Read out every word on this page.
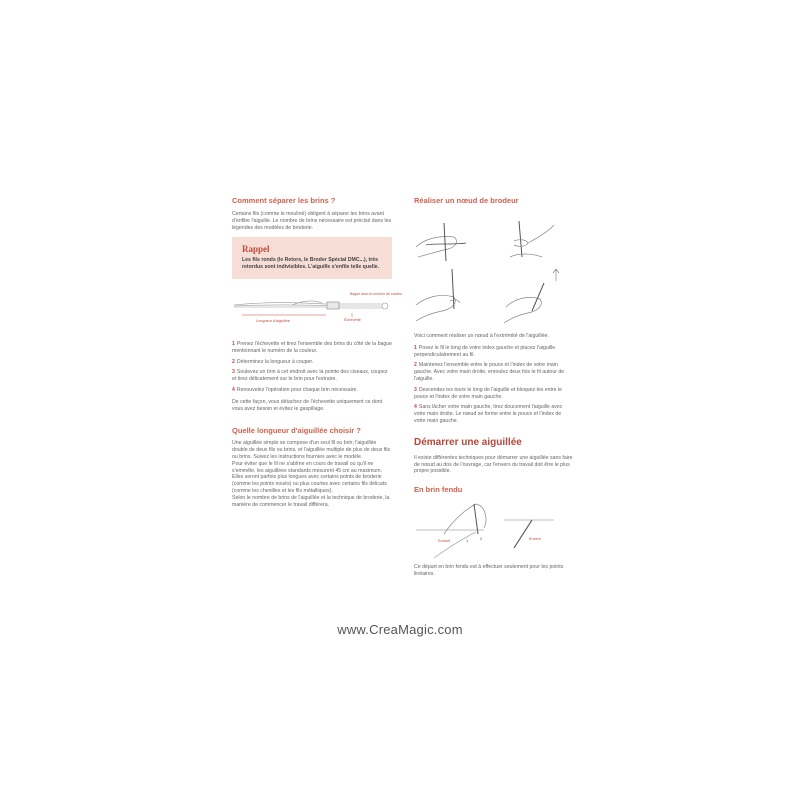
Comment séparer les brins ?

Certains fils (comme le mouliné) obligent à séparer les brins avant d'enfiler l'aiguille. Le nombre de brins nécessaire est précisé dans les légendes des modèles de broderie.

Rappel

Les fils ronds (le Retors, le Broder Spécial DMC...), très retordus sont indivisibles. L'aiguille s'enfile telle quelle.

Bague avec le numéro de couleur
Longueur d'aiguillée	Échevette

1 Prenez l'échevette et tirez l'ensemble des brins du côté de la bague mentionnant le numéro de la couleur.

2 Déterminez la longueur à couper.

3 Soulevez un brin à cet endroit avec la pointe des ciseaux, coupez et tirez délicatement sur le brin pour l'extraire.

4 Renouvelez l'opération pour chaque brin nécessaire.

De cette façon, vous détachez de l'échevette uniquement ce dont vous avez besoin et évitez le gaspillage.

Quelle longueur d'aiguillée choisir ?

Une aiguillée simple se compose d'un seul fil ou brin; l'aiguillée double de deux fils ou brins, et l'aiguillée multiple de plus de deux fils ou brins. Suivez les instructions fournies avec le modèle.

Pour éviter que le fil ne s'abîme en cours de travail ou qu'il ne s'emmêle, les aiguillées standards mesurent 45 cm au maximum. Elles seront parfois plus longues avec certains points de broderie (comme les points noués) ou plus courtes avec certains fils délicats (comme les chenilles et les fils métalliques).

Selon le nombre de brins de l'aiguillée et la technique de broderie, la manière de commencer le travail différera.

Réaliser un nœud de brodeur

Voici comment réaliser un nœud à l'extrémité de l'aiguillée.

1 Posez le fil le long de votre index gauche et placez l'aiguille perpendiculairement au fil.

2 Maintenez l'ensemble entre le pouce et l'index de votre main gauche. Avec votre main droite, enroulez deux fois le fil autour de l'aiguille.

3 Descendez les tours le long de l'aiguille et bloquez-les entre le pouce et l'index de votre main gauche.

4 Sans lâcher votre main gauche, tirez doucement l'aiguille avec votre main droite. Le nœud se forme entre le pouce et l'index de votre main gauche.

Démarrer une aiguillée

Il existe différentes techniques pour démarrer une aiguillée sans faire de nœud au dos de l'ouvrage, car l'envers du travail doit être le plus propre possible.

En brin fendu
Endroit	1	2	Envers

Ce départ en brin fendu est à effectuer seulement pour les points linéaires.

www.CreaMagic.com
